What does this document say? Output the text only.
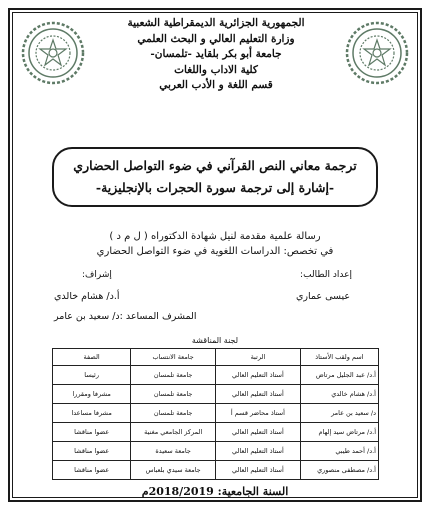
الجمهورية الجزائرية الديمقراطية الشعبية
وزارة التعليم العالي و البحث العلمي
جامعة أبو بكر بلقايد -تلمسان-
كلية الاداب واللغات
قسم اللغة و الأدب العربي
ترجمة معاني النص القرآني في ضوء التواصل الحضاري
-إشارة إلى ترجمة سورة الحجرات بالإنجليزية-
رسالة علمية مقدمة لنيل شهادة الدكتوراه ( ل م د )
في تخصص: الدراسات اللغوية في ضوء التواصل الحضاري
إعداد الطالب:
عيسى عماري
إشراف:
أ.د/ هشام خالدي
المشرف المساعد :د/ سعيد بن عامر
لجنة المناقشة
اسم ولقب الأستاذ	الرتبة	جامعة الانتساب	الصفة
أ.د/ عبد الجليل مرتاض	أستاذ التعليم العالي	جامعة تلمسان	رئيسا
أ.د/ هشام خالدي	أستاذ التعليم العالي	جامعة تلمسان	مشرفا ومقررا
د/ سعيد بن عامر	أستاذ محاضر قسم أ	جامعة تلمسان	مشرفا مساعدا
أ.د/ مرتاض سيد إلهام	أستاذ التعليم العالي	المركز الجامعي مغنية	عضوا مناقشا
أ.د/ أحمد طيبي	أستاذ التعليم العالي	جامعة سعيدة	عضوا مناقشا
أ.د/ مصطفى منصوري	أستاذ التعليم العالي	جامعة سيدي بلعباس	عضوا مناقشا
السنة الجامعية: 2018/2019م
